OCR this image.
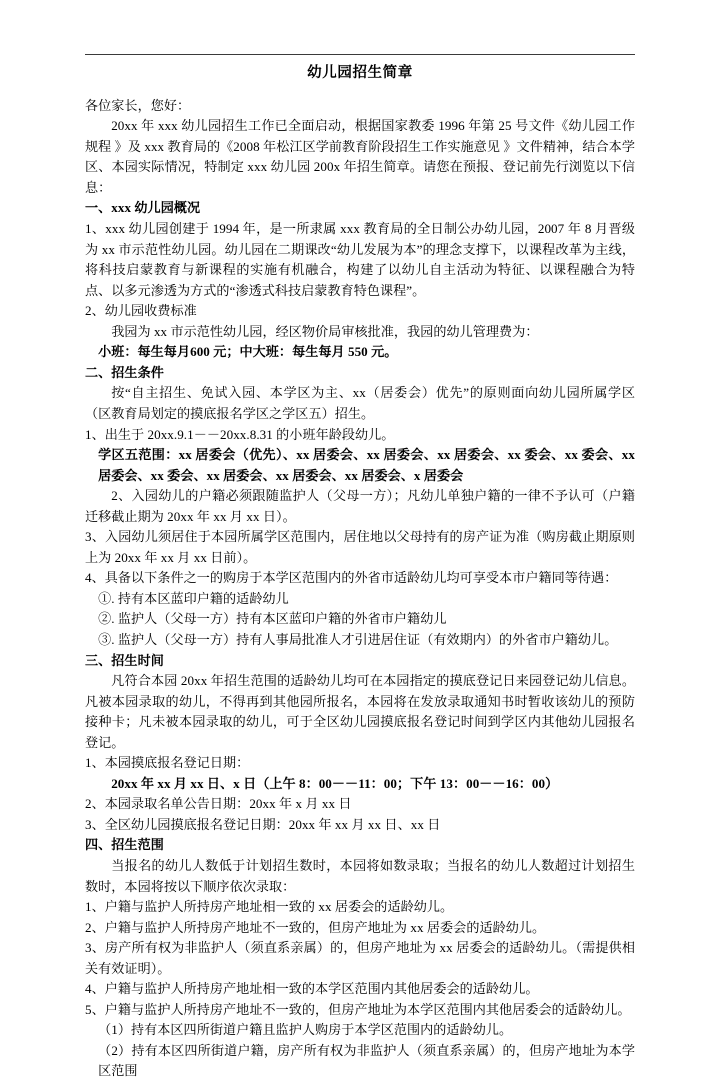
幼儿园招生简章

各位家长，您好：

20xx 年 xxx 幼儿园招生工作已全面启动，根据国家教委 1996 年第 25 号文件《幼儿园工作规程 》及 xxx 教育局的《2008 年松江区学前教育阶段招生工作实施意见 》文件精神，结合本学区、本园实际情况，特制定 xxx 幼儿园 200x 年招生简章。请您在预报、登记前先行浏览以下信息：

一、xxx 幼儿园概况

1、xxx 幼儿园创建于 1994 年，是一所隶属 xxx 教育局的全日制公办幼儿园，2007 年 8 月晋级为 xx 市示范性幼儿园。幼儿园在二期课改“幼儿发展为本”的理念支撑下，以课程改革为主线，将科技启蒙教育与新课程的实施有机融合，构建了以幼儿自主活动为特征、以课程融合为特点、以多元渗透为方式的“渗透式科技启蒙教育特色课程”。

2、幼儿园收费标准

我园为 xx 市示范性幼儿园，经区物价局审核批准，我园的幼儿管理费为：

小班：每生每月600 元；中大班：每生每月 550 元。

二、招生条件

按“自主招生、免试入园、本学区为主、xx（居委会）优先”的原则面向幼儿园所属学区（区教育局划定的摸底报名学区之学区五）招生。

1、出生于 20xx.9.1－－20xx.8.31 的小班年龄段幼儿。

学区五范围：xx 居委会（优先）、xx 居委会、xx 居委会、xx 居委会、xx 委会、xx 委会、xx 居委会、xx 委会、xx 居委会、xx 居委会、xx 居委会、x 居委会

2、入园幼儿的户籍必须跟随监护人（父母一方）；凡幼儿单独户籍的一律不予认可（户籍迁移截止期为 20xx 年 xx 月 xx 日）。

3、入园幼儿须居住于本园所属学区范围内，居住地以父母持有的房产证为准（购房截止期原则上为 20xx 年 xx 月 xx 日前）。

4、具备以下条件之一的购房于本学区范围内的外省市适龄幼儿均可享受本市户籍同等待遇：

①. 持有本区蓝印户籍的适龄幼儿

②. 监护人（父母一方）持有本区蓝印户籍的外省市户籍幼儿

③. 监护人（父母一方）持有人事局批准人才引进居住证（有效期内）的外省市户籍幼儿。

三、招生时间

凡符合本园 20xx 年招生范围的适龄幼儿均可在本园指定的摸底登记日来园登记幼儿信息。凡被本园录取的幼儿，不得再到其他园所报名，本园将在发放录取通知书时暂收该幼儿的预防接种卡；凡未被本园录取的幼儿，可于全区幼儿园摸底报名登记时间到学区内其他幼儿园报名登记。

1、本园摸底报名登记日期：

20xx 年 xx 月 xx 日、x 日（上午 8：00－－11：00；下午 13：00－－16：00）

2、本园录取名单公告日期：20xx 年 x 月 xx 日

3、全区幼儿园摸底报名登记日期：20xx 年 xx 月 xx 日、xx 日

四、招生范围

当报名的幼儿人数低于计划招生数时，本园将如数录取；当报名的幼儿人数超过计划招生数时，本园将按以下顺序依次录取：

1、户籍与监护人所持房产地址相一致的 xx 居委会的适龄幼儿。

2、户籍与监护人所持房产地址不一致的，但房产地址为 xx 居委会的适龄幼儿。

3、房产所有权为非监护人（须直系亲属）的，但房产地址为 xx 居委会的适龄幼儿。（需提供相关有效证明）。

4、户籍与监护人所持房产地址相一致的本学区范围内其他居委会的适龄幼儿。

5、户籍与监护人所持房产地址不一致的，但房产地址为本学区范围内其他居委会的适龄幼儿。

（1）持有本区四所街道户籍且监护人购房于本学区范围内的适龄幼儿。

（2）持有本区四所街道户籍，房产所有权为非监护人（须直系亲属）的，但房产地址为本学区范围
